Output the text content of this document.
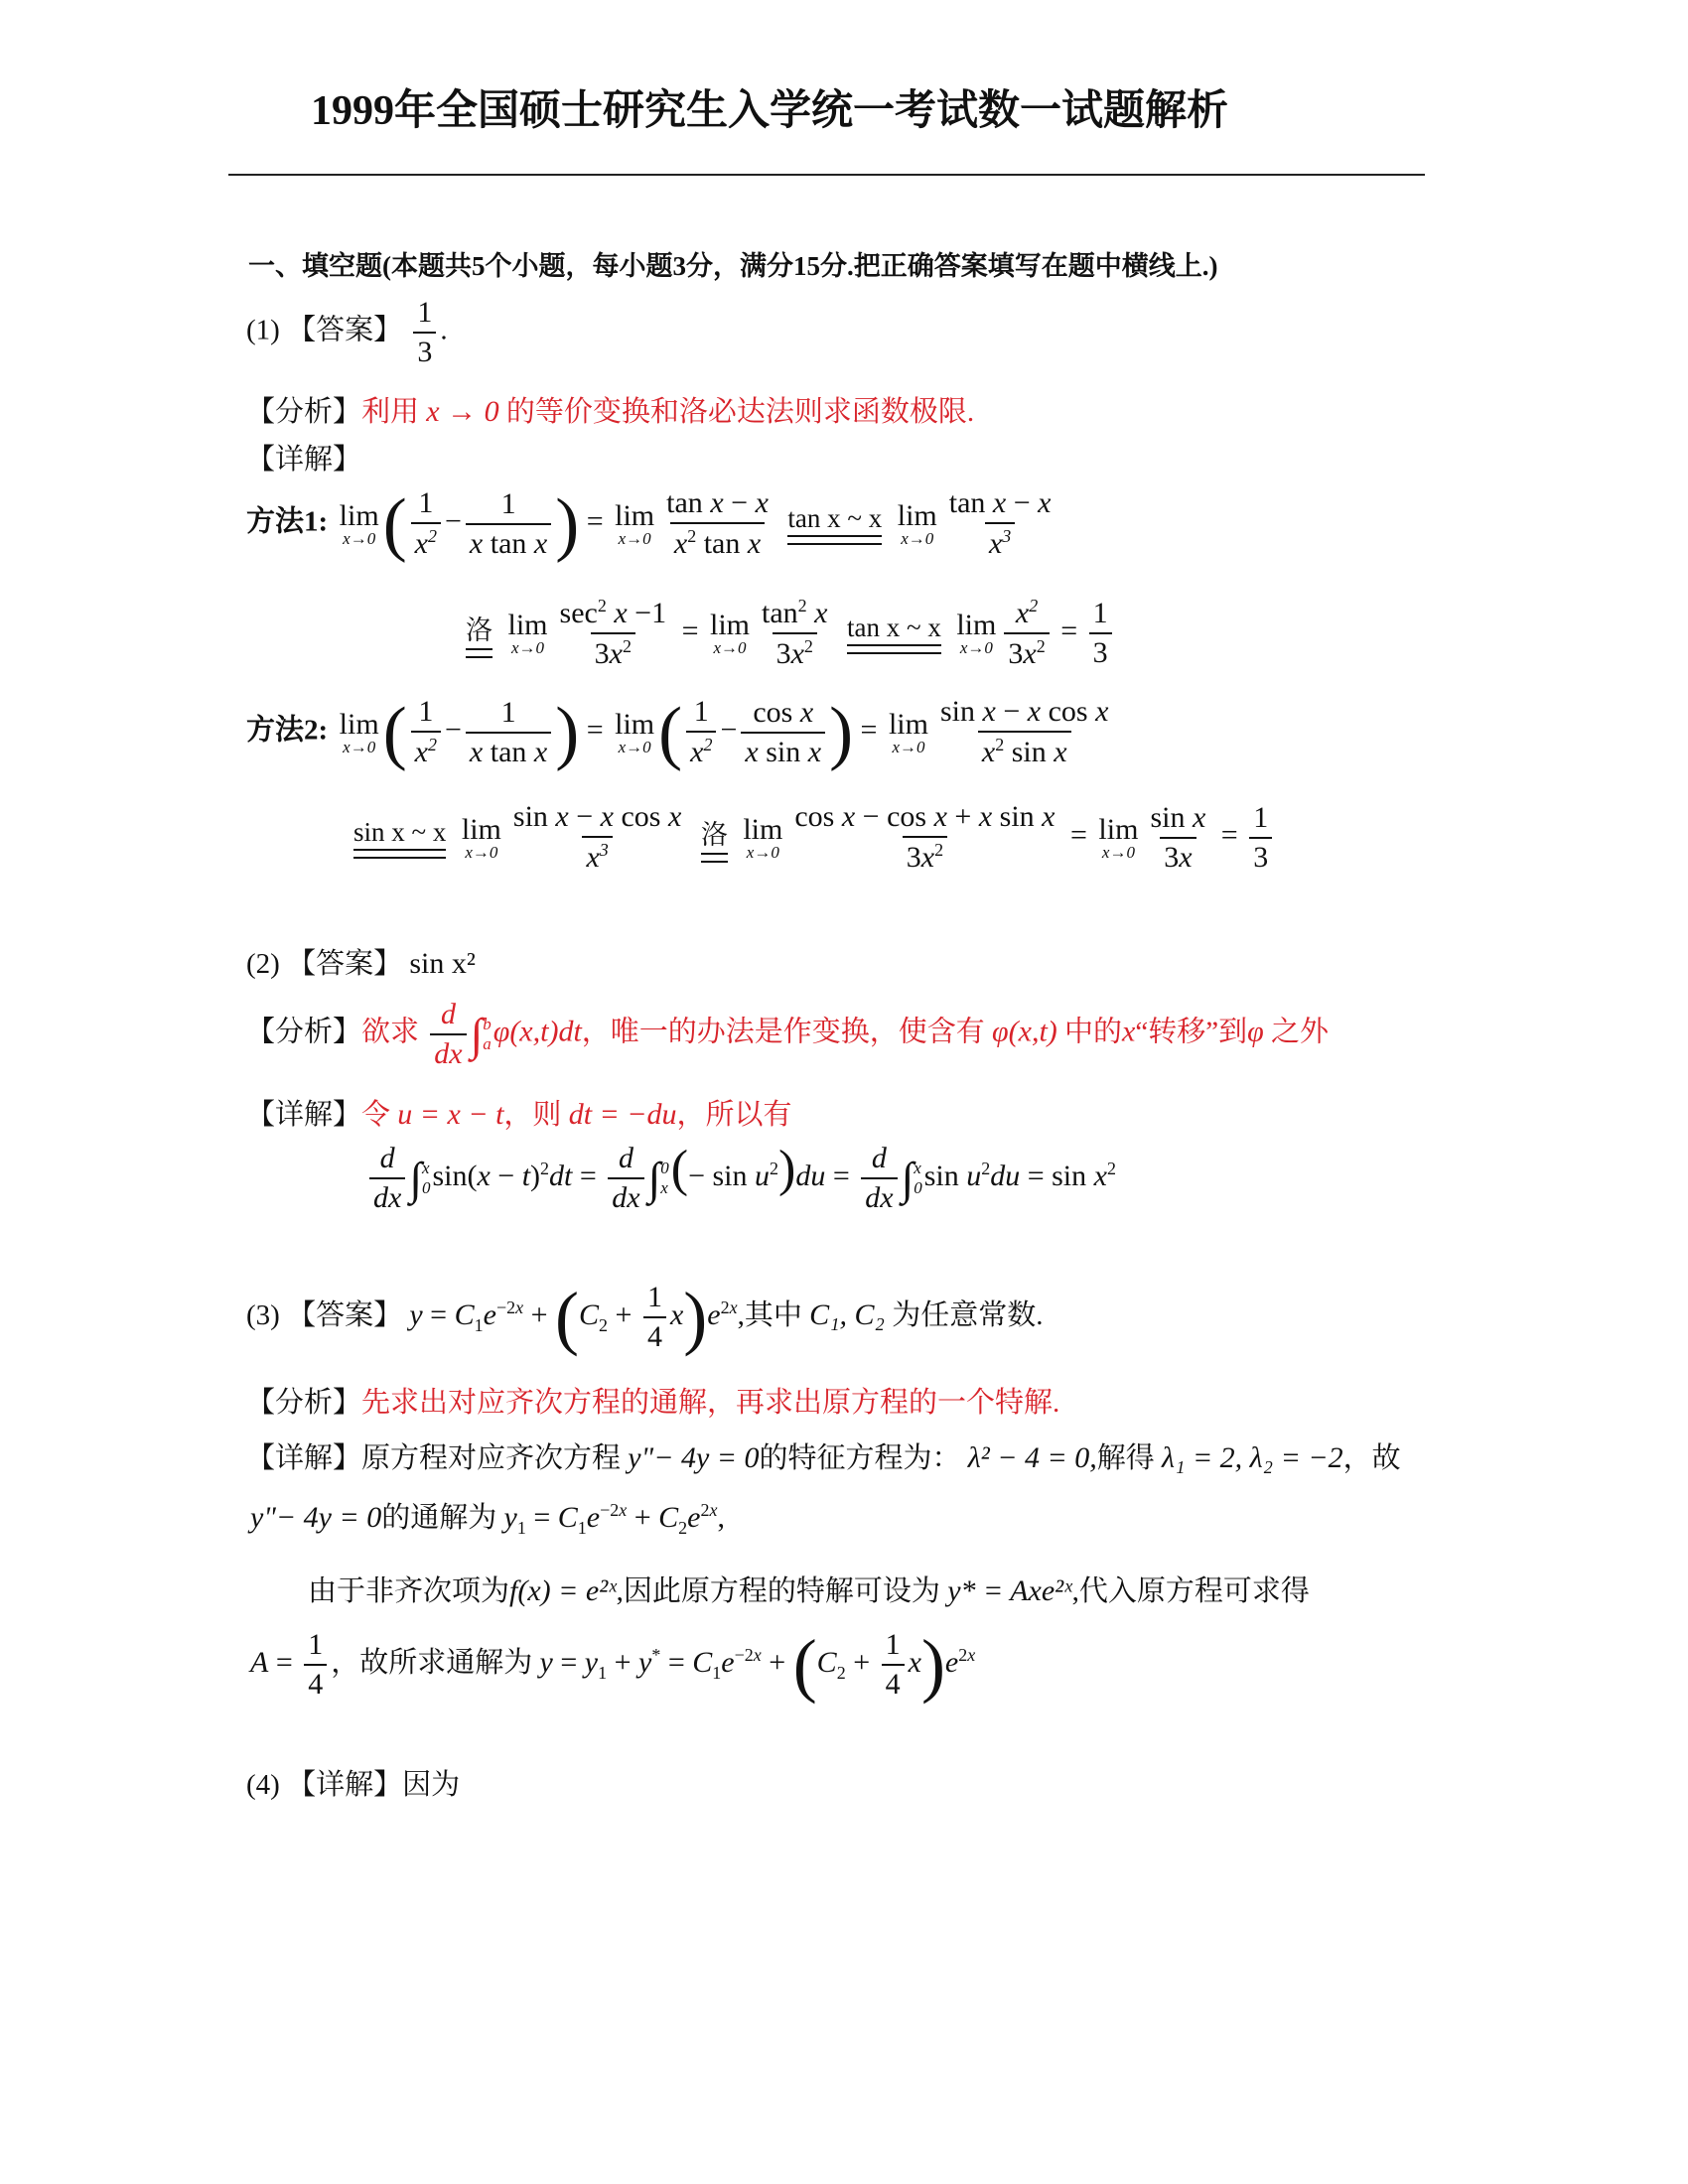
1999年全国硕士研究生入学统一考试数一试题解析
一、填空题(本题共5个小题，每小题3分，满分15分.把正确答案填写在题中横线上.)
(1) 【答案】 $\frac{1}{3}$ .
【分析】利用 x → 0 的等价变换和洛必达法则求函数极限.
【详解】
方法1: lim
x→0 ( $\frac{1}{x^2} - \frac{1}{\text{x tan x}}$ ) = lim
$x\to 0 \frac{\text{tan x − x}}{x^2 \tan x}$
tan x ~ x
lim
$x\to 0 \frac{\text{tan x − x}}{x^3}$
洛
lim
$x\to 0 \frac{\sec^2 x -1}{3x^2} = \lim$
$x\to 0 \frac{\tan^2 x}{3x^2}$
tan x ~ x
lim
$x\to 0 \frac{x^2}{3x^2} = \frac{1}{3}$
方法2: lim
x→0 ( $\frac{1}{x^2} - \frac{1}{\text{x tan x}}$ ) = lim
x→0 ( $\frac{1}{x^2} - \frac{\text{cos x}}{\text{x sin x}}$ ) = lim
$x\to 0 \frac{\text{sin x − x cos x}}{x^2 \sin x}$
sin x ~ x
lim
$x\to 0 \frac{\text{sin x − x cos x}}{x^3}$
洛
lim
$x\to 0 \frac{\text{cos x − cos x + x sin x}}{3x^2} = \lim$
$x\to 0 \frac{\text{sin x}}{3x} = \frac{1}{3}$
(2) 【答案】 sin x²
【分析】欲求 $\frac{d}{dx}$ ∫ b
a φ(x,t)dt，唯一的办法是作变换，使含有 φ(x,t) 中的x“转移”到φ 之外
【详解】令 u = x − t，则 dt = −du，所以有
$\frac{d}{dx}$ ∫ x
0 $\sin(x - t)^2dt = \frac{d}{dx}$ ∫ 0
x (− $\sin u^2)du = \frac{d}{dx}$ ∫ x
0 $\sin u^2du = \sin x^2$
(3) 【答案】 $y = C_1e^{-2x} + (C_2 + \frac{1}{4} x)e^{2x}$,其中 C₁, C₂ 为任意常数.
【分析】先求出对应齐次方程的通解，再求出原方程的一个特解.
【详解】原方程对应齐次方程 y"− 4y = 0的特征方程为： λ² − 4 = 0,解得 λ₁ = 2, λ₂ = −2，故
y"− 4y = 0的通解为 $y_1 = C_1e^{-2x} + C_2e^{2x}$,
由于非齐次项为f(x) = e²ˣ,因此原方程的特解可设为 y* = Axe²ˣ,代入原方程可求得
$A = \frac{1}{4}$ ，故所求通解为 $y = y_1 + y^* = C_1e^{-2x} + (C_2 + \frac{1}{4} x)e^{2x}$
(4) 【详解】因为
